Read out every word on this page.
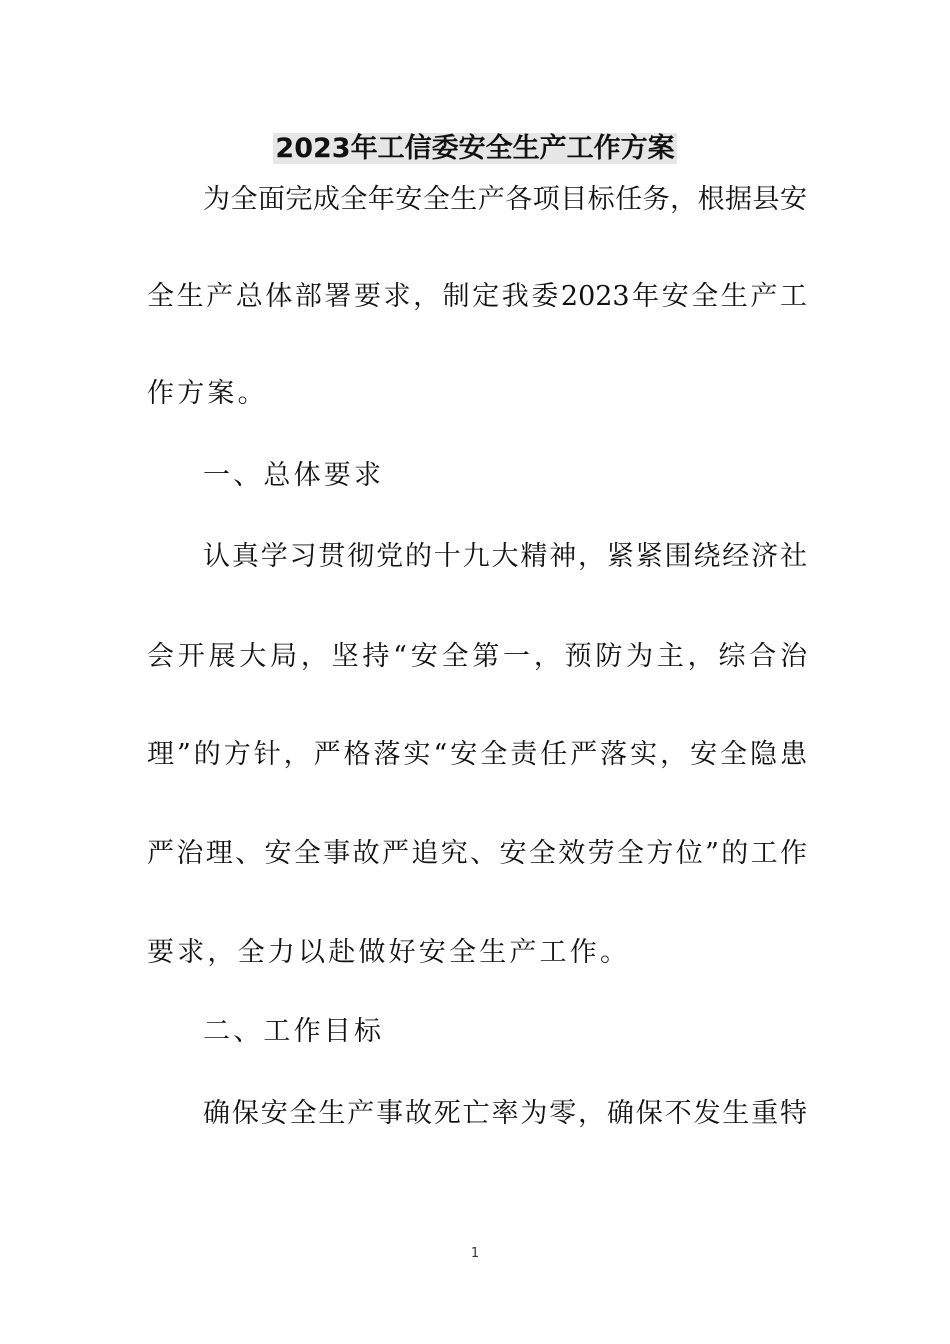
2023年工信委安全生产工作方案
为全面完成全年安全生产各项目标任务，根据县安
全生产总体部署要求，制定我委2023年安全生产工
作方案。
一、总体要求
认真学习贯彻党的十九大精神，紧紧围绕经济社
会开展大局，坚持“安全第一，预防为主，综合治
理”的方针，严格落实“安全责任严落实，安全隐患
严治理、安全事故严追究、安全效劳全方位”的工作
要求，全力以赴做好安全生产工作。
二、工作目标
确保安全生产事故死亡率为零，确保不发生重特
1
